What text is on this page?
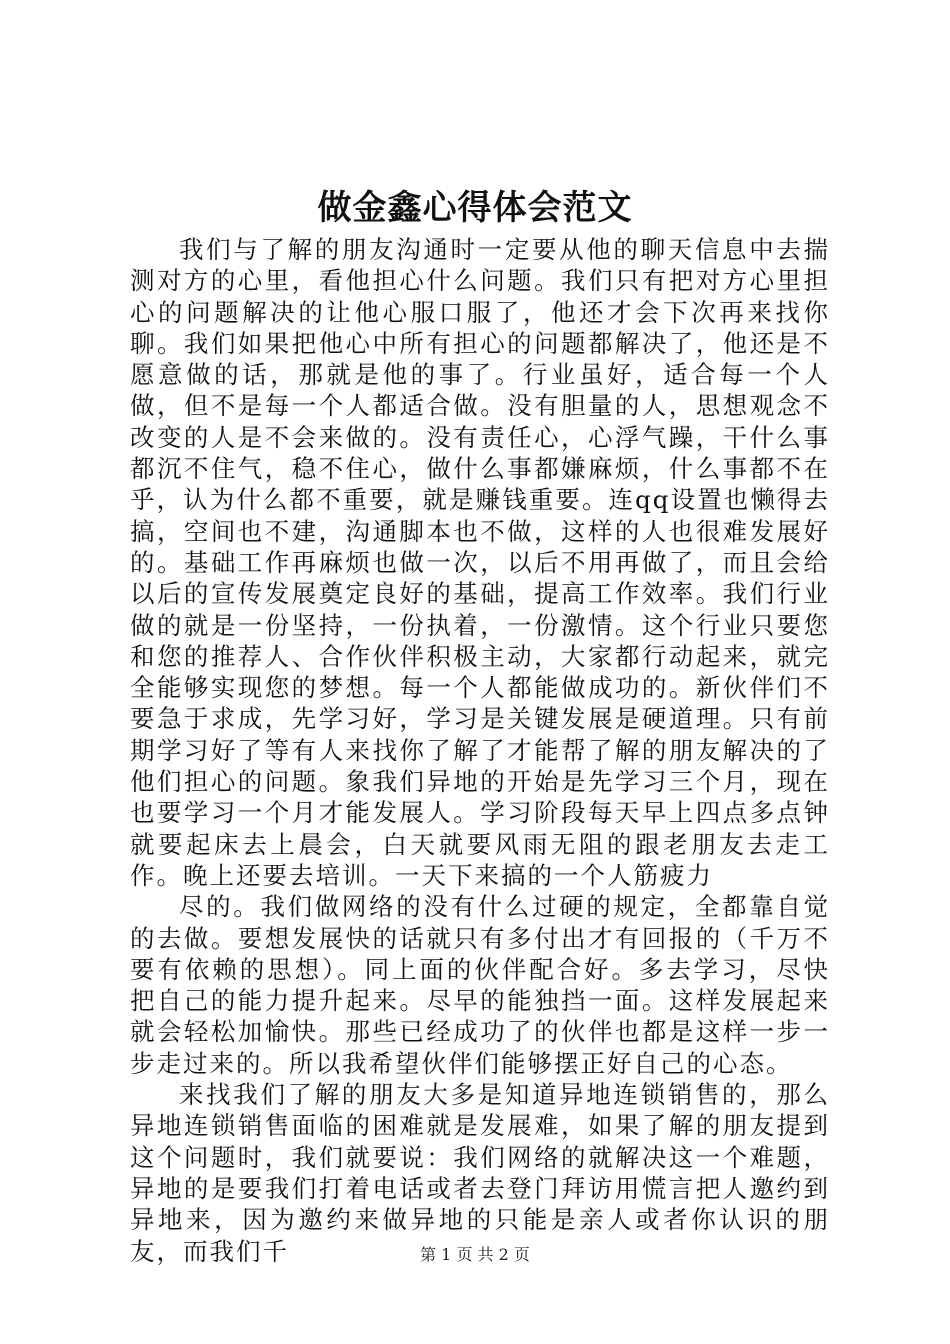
做金鑫心得体会范文

我们与了解的朋友沟通时一定要从他的聊天信息中去揣测对方的心里，看他担心什么问题。我们只有把对方心里担心的问题解决的让他心服口服了，他还才会下次再来找你聊。我们如果把他心中所有担心的问题都解决了，他还是不愿意做的话，那就是他的事了。行业虽好，适合每一个人做，但不是每一个人都适合做。没有胆量的人，思想观念不改变的人是不会来做的。没有责任心，心浮气躁，干什么事都沉不住气，稳不住心，做什么事都嫌麻烦，什么事都不在乎，认为什么都不重要，就是赚钱重要。连qq设置也懒得去搞，空间也不建，沟通脚本也不做，这样的人也很难发展好的。基础工作再麻烦也做一次，以后不用再做了，而且会给以后的宣传发展奠定良好的基础，提高工作效率。我们行业做的就是一份坚持，一份执着，一份激情。这个行业只要您和您的推荐人、合作伙伴积极主动，大家都行动起来，就完全能够实现您的梦想。每一个人都能做成功的。新伙伴们不要急于求成，先学习好，学习是关键发展是硬道理。只有前期学习好了等有人来找你了解了才能帮了解的朋友解决的了他们担心的问题。象我们异地的开始是先学习三个月，现在也要学习一个月才能发展人。学习阶段每天早上四点多点钟就要起床去上晨会，白天就要风雨无阻的跟老朋友去走工作。晚上还要去培训。一天下来搞的一个人筋疲力

尽的。我们做网络的没有什么过硬的规定，全都靠自觉的去做。要想发展快的话就只有多付出才有回报的（千万不要有依赖的思想）。同上面的伙伴配合好。多去学习，尽快把自己的能力提升起来。尽早的能独挡一面。这样发展起来就会轻松加愉快。那些已经成功了的伙伴也都是这样一步一步走过来的。所以我希望伙伴们能够摆正好自己的心态。

来找我们了解的朋友大多是知道异地连锁销售的，那么异地连锁销售面临的困难就是发展难，如果了解的朋友提到这个问题时，我们就要说：我们网络的就解决这一个难题，异地的是要我们打着电话或者去登门拜访用慌言把人邀约到异地来，因为邀约来做异地的只能是亲人或者你认识的朋友，而我们千	第 1 页 共 2 页
